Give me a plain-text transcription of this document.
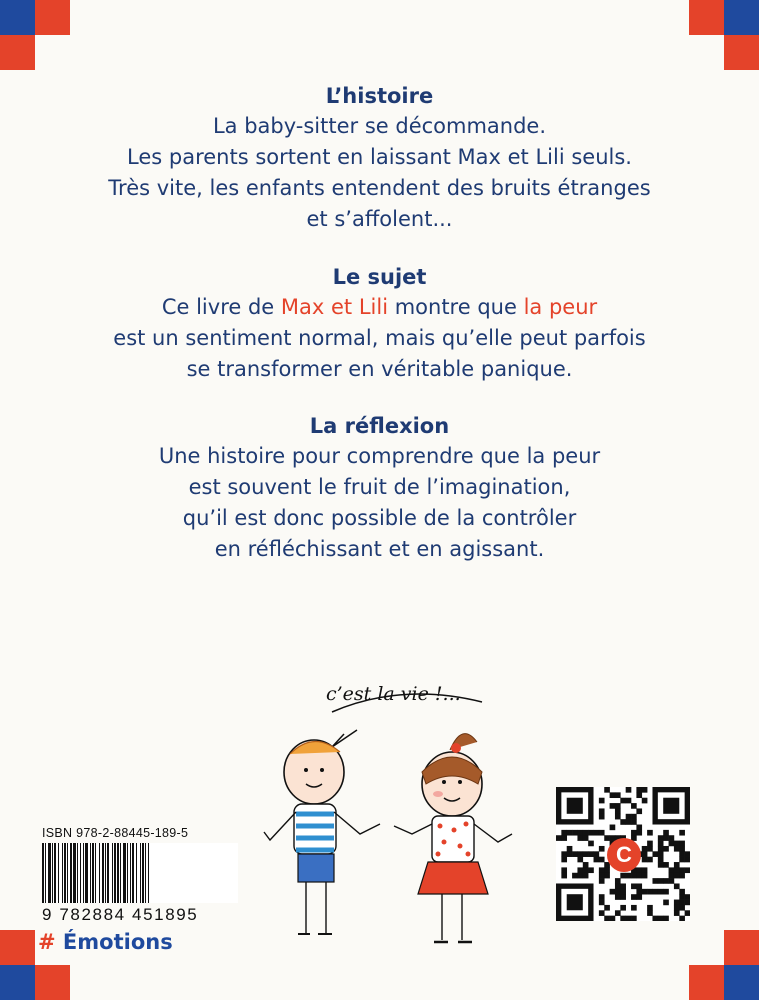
L’histoire

La baby-sitter se décommande.

Les parents sortent en laissant Max et Lili seuls.

Très vite, les enfants entendent des bruits étranges

et s’affolent...

Le sujet

Ce livre de Max et Lili montre que la peur

est un sentiment normal, mais qu’elle peut parfois

se transformer en véritable panique.

La réflexion

Une histoire pour comprendre que la peur

est souvent le fruit de l’imagination,

qu’il est donc possible de la contrôler

en réfléchissant et en agissant.

c’est la vie !...
ISBN 978-2-88445-189-5
9 782884 451895
# Émotions
C
